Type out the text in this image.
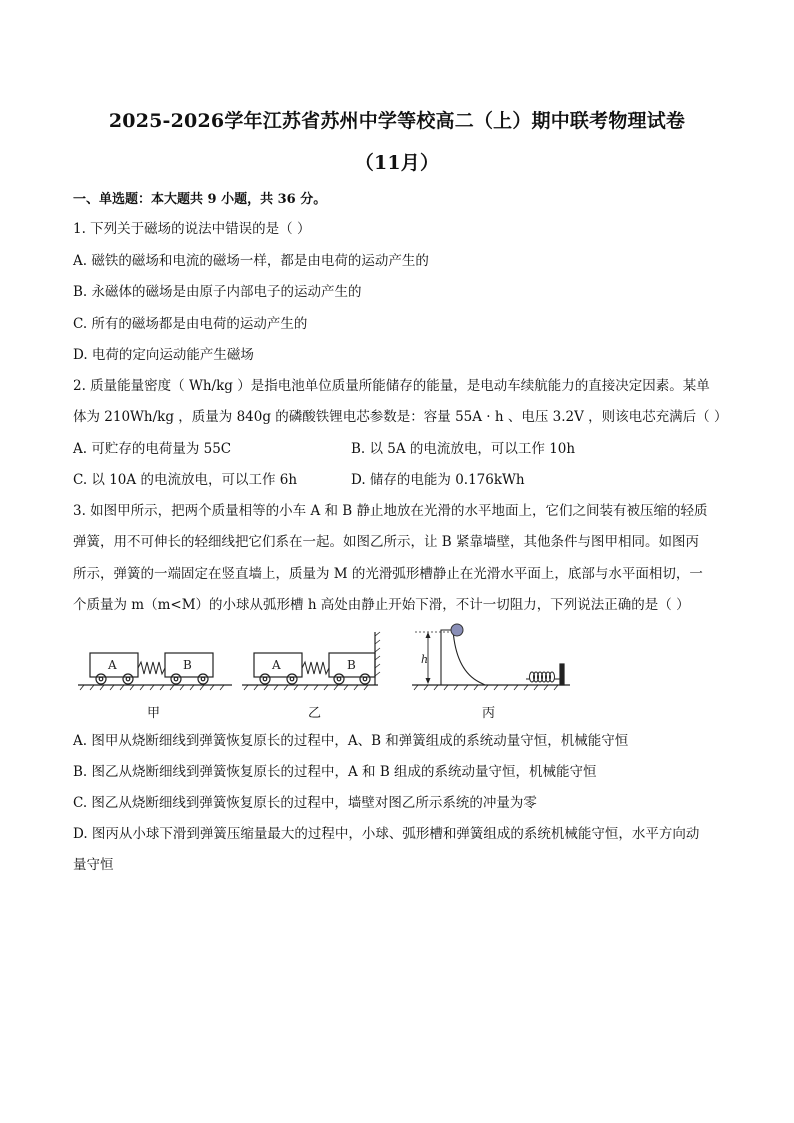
2025-2026学年江苏省苏州中学等校高二（上）期中联考物理试卷
（11月）
一、单选题：本大题共 9 小题，共 36 分。
1. 下列关于磁场的说法中错误的是（ ）
A. 磁铁的磁场和电流的磁场一样，都是由电荷的运动产生的
B. 永磁体的磁场是由原子内部电子的运动产生的
C. 所有的磁场都是由电荷的运动产生的
D. 电荷的定向运动能产生磁场
2. 质量能量密度（ Wh/kg ）是指电池单位质量所能储存的能量，是电动车续航能力的直接决定因素。某单
体为 210Wh/kg ，质量为 840g 的磷酸铁锂电芯参数是：容量 55A · h 、电压 3.2V ，则该电芯充满后（ ）
A. 可贮存的电荷量为 55C	B. 以 5A 的电流放电，可以工作 10h
C. 以 10A 的电流放电，可以工作 6h	D. 储存的电能为 0.176kWh
3. 如图甲所示，把两个质量相等的小车 A 和 B 静止地放在光滑的水平地面上，它们之间装有被压缩的轻质
弹簧，用不可伸长的轻细线把它们系在一起。如图乙所示，让 B 紧靠墙壁，其他条件与图甲相同。如图丙
所示，弹簧的一端固定在竖直墙上，质量为 M 的光滑弧形槽静止在光滑水平面上，底部与水平面相切，一
个质量为 m（m<M）的小球从弧形槽 h 高处由静止开始下滑，不计一切阻力，下列说法正确的是（ ）
A	B	A	B	h
甲	乙	丙
A. 图甲从烧断细线到弹簧恢复原长的过程中，A、B 和弹簧组成的系统动量守恒，机械能守恒
B. 图乙从烧断细线到弹簧恢复原长的过程中，A 和 B 组成的系统动量守恒，机械能守恒
C. 图乙从烧断细线到弹簧恢复原长的过程中，墙壁对图乙所示系统的冲量为零
D. 图丙从小球下滑到弹簧压缩量最大的过程中，小球、弧形槽和弹簧组成的系统机械能守恒，水平方向动
量守恒
